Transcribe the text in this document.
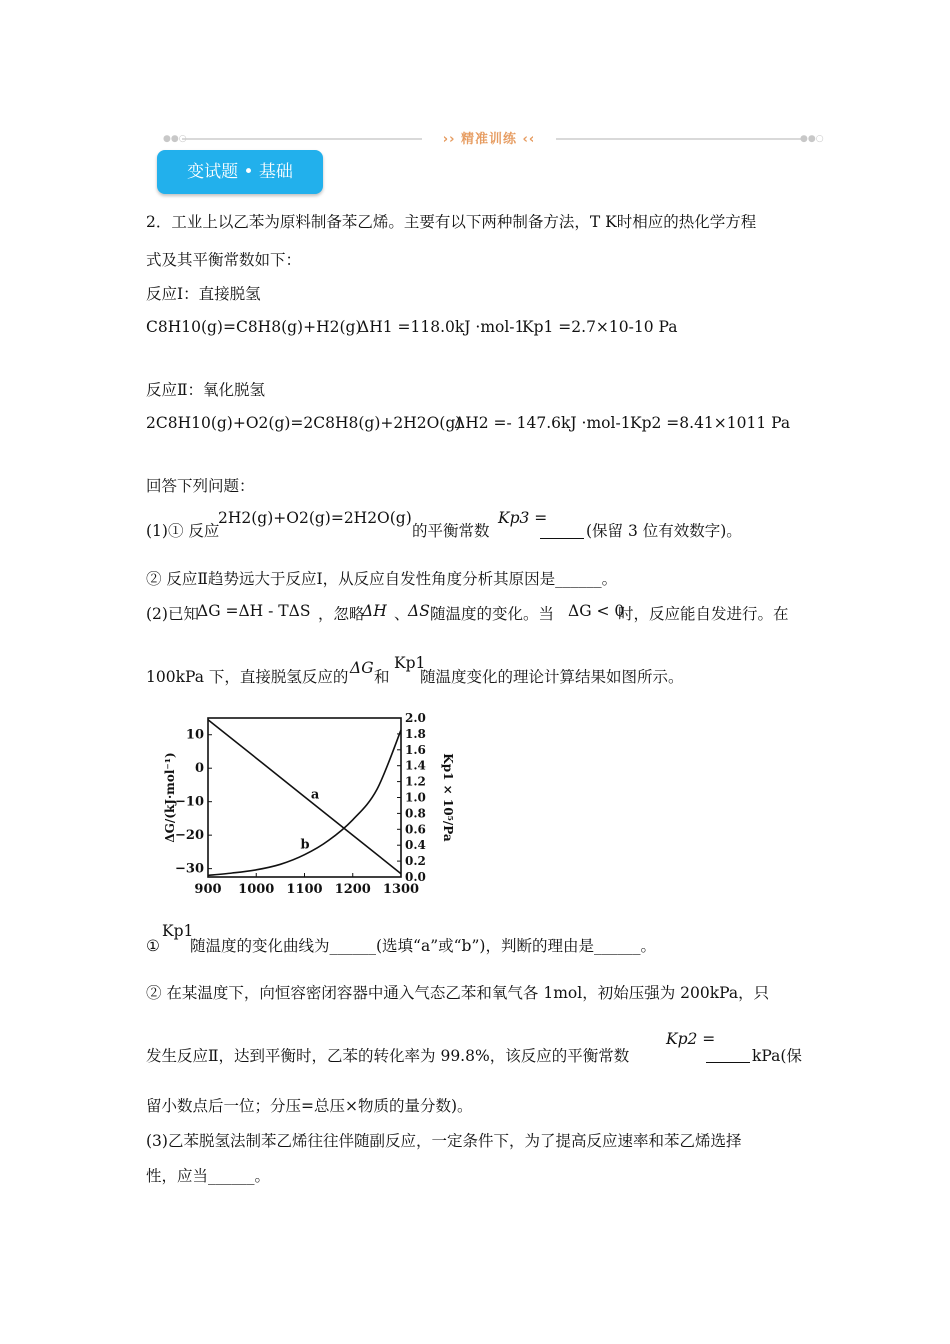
●●○	●●○
›› 精准训练 ‹‹
变试题 • 基础
2．工业上以乙苯为原料制备苯乙烯。主要有以下两种制备方法，T K时相应的热化学方程
式及其平衡常数如下：
反应Ⅰ：直接脱氢
C8H10(g)=C8H8(g)+H2(g)
ΔH1 =118.0kJ ·mol-1
Kp1 =2.7×10-10 Pa
反应Ⅱ：氧化脱氢
2C8H10(g)+O2(g)=2C8H8(g)+2H2O(g)
ΔH2 =- 147.6kJ ·mol-1 Kp2 =8.41×1011 Pa
回答下列问题：
(1)① 反应
2H2(g)+O2(g)=2H2O(g)
的平衡常数
Kp3 =
(保留 3 位有效数字)。
② 反应Ⅱ趋势远大于反应Ⅰ，从反应自发性角度分析其原因是______。
(2)已知
ΔG =ΔH - TΔS ，忽略
ΔH 、
ΔS 随温度的变化。当 ΔG < 0
时，反应能自发进行。在
100kPa 下，直接脱氢反应的 ΔG 和
Kp1
随温度变化的理论计算结果如图所示。
900 1000 1100 1200 1300
10
0
−10
−20
−30
2.0
1.8
1.6
1.4
1.2
1.0
0.8
0.6
0.4
0.2
0.0
ΔG/(kJ·mol⁻¹)	Kp1 × 10⁵/Pa
a
b
①
Kp1
随温度的变化曲线为______(选填“a”或“b”)，判断的理由是______。
② 在某温度下，向恒容密闭容器中通入气态乙苯和氧气各 1mol，初始压强为 200kPa，只
发生反应Ⅱ，达到平衡时，乙苯的转化率为 99.8%，该反应的平衡常数
Kp2 =
kPa(保
留小数点后一位；分压=总压×物质的量分数)。
(3)乙苯脱氢法制苯乙烯往往伴随副反应，一定条件下，为了提高反应速率和苯乙烯选择
性，应当______。
